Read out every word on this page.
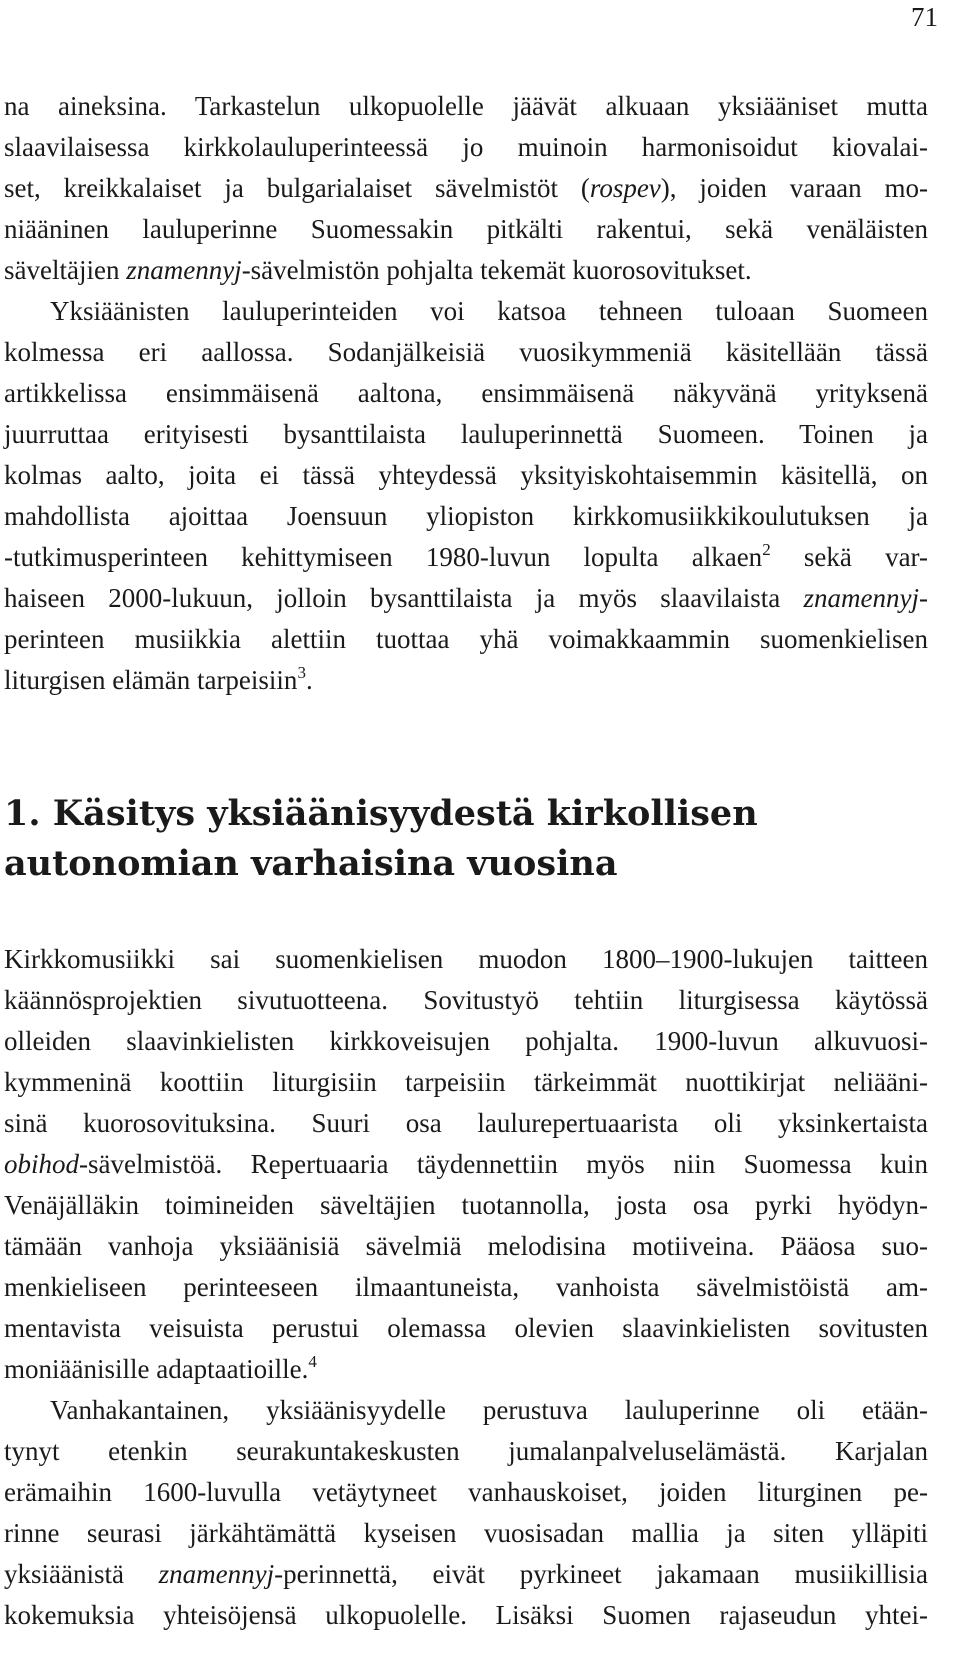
71
na aineksina. Tarkastelun ulkopuolelle jäävät alkuaan yksiääniset mutta
slaavilaisessa kirkkolauluperinteessä jo muinoin harmonisoidut kiovalai-
set, kreikkalaiset ja bulgarialaiset sävelmistöt (rospev), joiden varaan mo-
niääninen lauluperinne Suomessakin pitkälti rakentui, sekä venäläisten
säveltäjien znamennyj-sävelmistön pohjalta tekemät kuorosovitukset.
Yksiäänisten lauluperinteiden voi katsoa tehneen tuloaan Suomeen
kolmessa eri aallossa. Sodanjälkeisiä vuosikymmeniä käsitellään tässä
artikkelissa ensimmäisenä aaltona, ensimmäisenä näkyvänä yrityksenä
juurruttaa erityisesti bysanttilaista lauluperinnettä Suomeen. Toinen ja
kolmas aalto, joita ei tässä yhteydessä yksityiskohtaisemmin käsitellä, on
mahdollista ajoittaa Joensuun yliopiston kirkkomusiikkikoulutuksen ja
-tutkimusperinteen kehittymiseen 1980-luvun lopulta alkaen$^2$ sekä var-
haiseen 2000-lukuun, jolloin bysanttilaista ja myös slaavilaista znamennyj-
perinteen musiikkia alettiin tuottaa yhä voimakkaammin suomenkielisen
liturgisen elämän tarpeisiin$^3$.
1. Käsitys yksiäänisyydestä kirkollisen
autonomian varhaisina vuosina
Kirkkomusiikki sai suomenkielisen muodon 1800–1900-lukujen taitteen
käännösprojektien sivutuotteena. Sovitustyö tehtiin liturgisessa käytössä
olleiden slaavinkielisten kirkkoveisujen pohjalta. 1900-luvun alkuvuosi-
kymmeninä koottiin liturgisiin tarpeisiin tärkeimmät nuottikirjat neliääni-
sinä kuorosovituksina. Suuri osa laulurepertuaarista oli yksinkertaista
obihod-sävelmistöä. Repertuaaria täydennettiin myös niin Suomessa kuin
Venäjälläkin toimineiden säveltäjien tuotannolla, josta osa pyrki hyödyn-
tämään vanhoja yksiäänisiä sävelmiä melodisina motiiveina. Pääosa suo-
menkieliseen perinteeseen ilmaantuneista, vanhoista sävelmistöistä am-
mentavista veisuista perustui olemassa olevien slaavinkielisten sovitusten
moniäänisille adaptaatioille.$^4$
Vanhakantainen, yksiäänisyydelle perustuva lauluperinne oli etään-
tynyt etenkin seurakuntakeskusten jumalanpalveluselämästä. Karjalan
erämaihin 1600-luvulla vetäytyneet vanhauskoiset, joiden liturginen pe-
rinne seurasi järkähtämättä kyseisen vuosisadan mallia ja siten ylläpiti
yksiäänistä znamennyj-perinnettä, eivät pyrkineet jakamaan musiikillisia
kokemuksia yhteisöjensä ulkopuolelle. Lisäksi Suomen rajaseudun yhtei-
